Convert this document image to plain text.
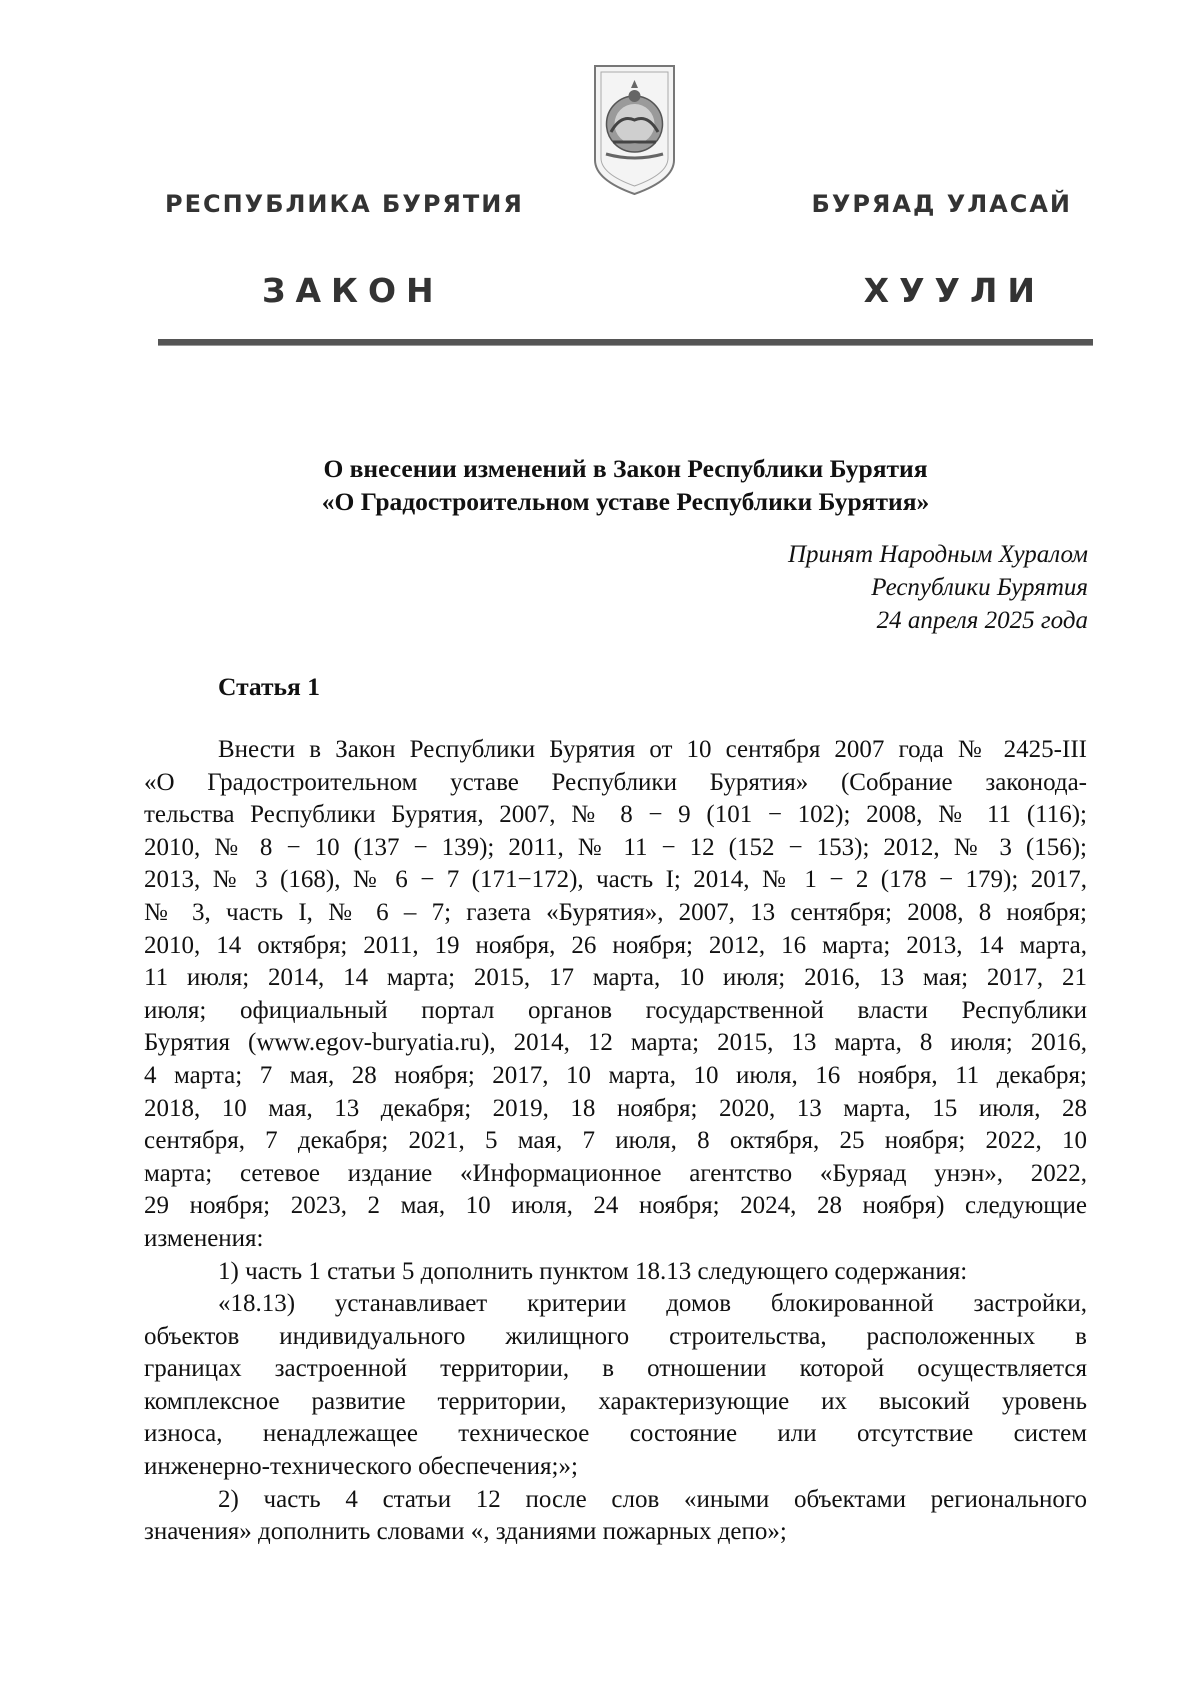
РЕСПУБЛИКА БУРЯТИЯ	БУРЯАД УЛАСАЙ
ЗАКОН	ХУУЛИ
О внесении изменений в Закон Республики Бурятия
«О Градостроительном уставе Республики Бурятия»
Принят Народным Хуралом
Республики Бурятия
24 апреля 2025 года
Статья 1

Внести в Закон Республики Бурятия от 10 сентября 2007 года № 2425-III

«О Градостроительном уставе Республики Бурятия» (Собрание законода-

тельства Республики Бурятия, 2007, № 8 − 9 (101 − 102); 2008, № 11 (116);

2010, № 8 − 10 (137 − 139); 2011, № 11 − 12 (152 − 153); 2012, № 3 (156);

2013, № 3 (168), № 6 − 7 (171−172), часть I; 2014, № 1 − 2 (178 − 179); 2017,

№ 3, часть I, № 6 – 7; газета «Бурятия», 2007, 13 сентября; 2008, 8 ноября;

2010, 14 октября; 2011, 19 ноября, 26 ноября; 2012, 16 марта; 2013, 14 марта,

11 июля; 2014, 14 марта; 2015, 17 марта, 10 июля; 2016, 13 мая; 2017, 21

июля; официальный портал органов государственной власти Республики

Бурятия (www.egov-buryatia.ru), 2014, 12 марта; 2015, 13 марта, 8 июля; 2016,

4 марта; 7 мая, 28 ноября; 2017, 10 марта, 10 июля, 16 ноября, 11 декабря;

2018, 10 мая, 13 декабря; 2019, 18 ноября; 2020, 13 марта, 15 июля, 28

сентября, 7 декабря; 2021, 5 мая, 7 июля, 8 октября, 25 ноября; 2022, 10

марта; сетевое издание «Информационное агентство «Буряад унэн», 2022,

29 ноября; 2023, 2 мая, 10 июля, 24 ноября; 2024, 28 ноября) следующие

изменения:

1) часть 1 статьи 5 дополнить пунктом 18.13 следующего содержания:

«18.13) устанавливает критерии домов блокированной застройки,

объектов индивидуального жилищного строительства, расположенных в

границах застроенной территории, в отношении которой осуществляется

комплексное развитие территории, характеризующие их высокий уровень

износа, ненадлежащее техническое состояние или отсутствие систем

инженерно-технического обеспечения;»;

2) часть 4 статьи 12 после слов «иными объектами регионального

значения» дополнить словами «, зданиями пожарных депо»;
